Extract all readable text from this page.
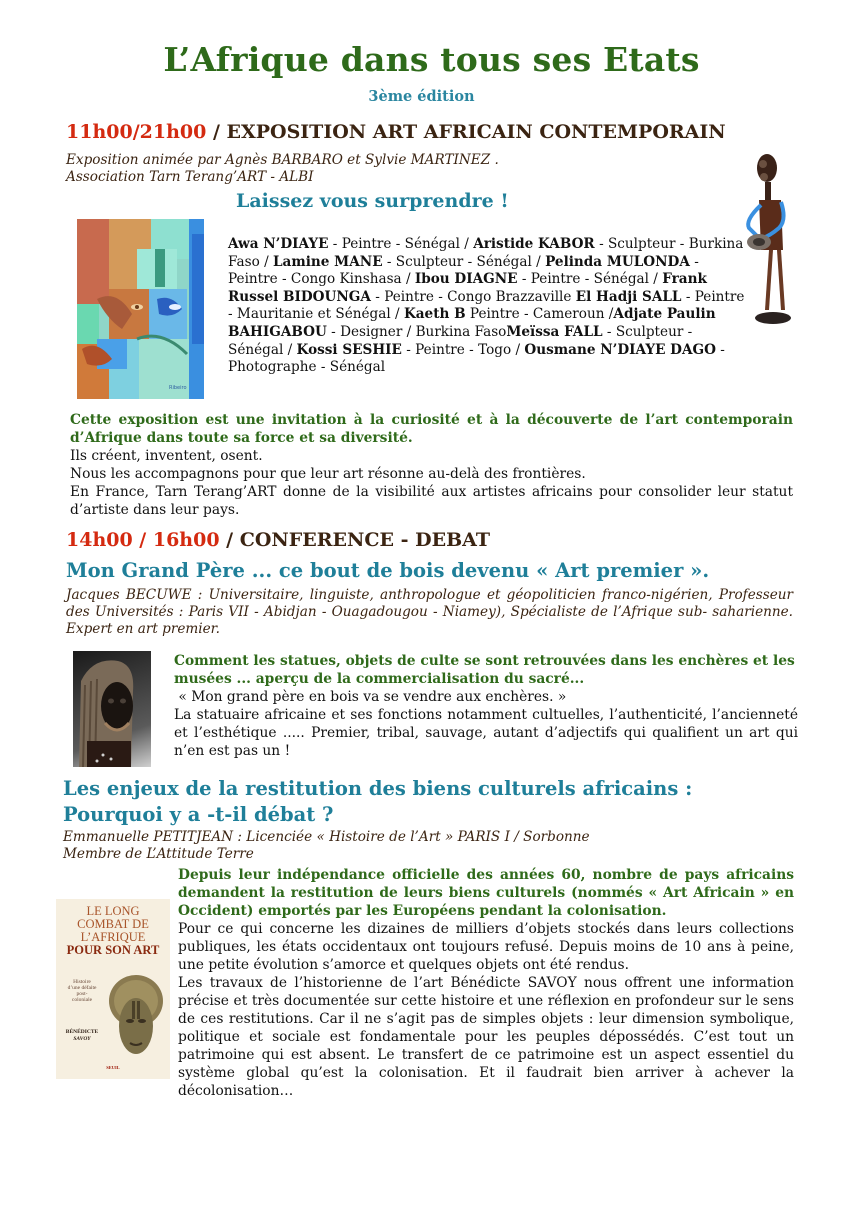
L’Afrique dans tous ses Etats
3ème édition
11h00/21h00 / EXPOSITION ART AFRICAIN CONTEMPORAIN
Exposition animée par Agnès BARBARO et Sylvie MARTINEZ .
Association Tarn Terang’ART - ALBI
Laissez vous surprendre !
Ribeiro
Awa N’DIAYE - Peintre - Sénégal / Aristide KABOR - Sculpteur - Burkina Faso / Lamine MANE - Sculpteur - Sénégal / Pelinda MULONDA - Peintre - Congo Kinshasa / Ibou DIAGNE - Peintre - Sénégal / Frank Russel BIDOUNGA - Peintre - Congo Brazzaville El Hadji SALL - Peintre - Mauritanie et Sénégal / Kaeth B Peintre - Cameroun /Adjate Paulin BAHIGABOU - Designer / Burkina FasoMeïssa FALL - Sculpteur - Sénégal / Kossi SESHIE - Peintre - Togo / Ousmane N’DIAYE DAGO - Photographe - Sénégal

Cette exposition est une invitation à la curiosité et à la découverte de l’art contemporain d’Afrique dans toute sa force et sa diversité.

Ils créent, inventent, osent.

Nous les accompagnons pour que leur art résonne au-delà des frontières.

En France, Tarn Terang’ART donne de la visibilité aux artistes africains pour consolider leur statut d’artiste dans leur pays.

14h00 / 16h00 / CONFERENCE - DEBAT
Mon Grand Père ... ce bout de bois devenu « Art premier ».
Jacques BECUWE : Universitaire, linguiste, anthropologue et géopoliticien franco-nigérien, Professeur des Universités : Paris VII - Abidjan - Ouagadougou - Niamey), Spécialiste de l’Afrique sub- saharienne. Expert en art premier.

Comment les statues, objets de culte se sont retrouvées dans les enchères et les musées ... aperçu de la commercialisation du sacré...

« Mon grand père en bois va se vendre aux enchères. »

La statuaire africaine et ses fonctions notamment cultuelles, l’authenticité, l’ancienneté et l’esthétique ..... Premier, tribal, sauvage, autant d’adjectifs qui qualifient un art qui n’en est pas un !

Les enjeux de la restitution des biens culturels africains :
Pourquoi y a -t-il débat ?
Emmanuelle PETITJEAN : Licenciée « Histoire de l’Art » PARIS I / Sorbonne
Membre de L’Attitude Terre
LE LONG
COMBAT DE
L’AFRIQUE
POUR SON ART
Histoire
d’une défaite
post-
coloniale
BÉNÉDICTE
SAVOY
SEUIL

Depuis leur indépendance officielle des années 60, nombre de pays africains demandent la restitution de leurs biens culturels (nommés « Art Africain » en Occident) emportés par les Européens pendant la colonisation.

Pour ce qui concerne les dizaines de milliers d’objets stockés dans leurs collections publiques, les états occidentaux ont toujours refusé. Depuis moins de 10 ans à peine, une petite évolution s’amorce et quelques objets ont été rendus.

Les travaux de l’historienne de l’art Bénédicte SAVOY nous offrent une information précise et très documentée sur cette histoire et une réflexion en profondeur sur le sens de ces restitutions. Car il ne s’agit pas de simples objets : leur dimension symbolique, politique et sociale est fondamentale pour les peuples dépossédés. C’est tout un patrimoine qui est absent. Le transfert de ce patrimoine est un aspect essentiel du système global qu’est la colonisation. Et il faudrait bien arriver à achever la décolonisation…
